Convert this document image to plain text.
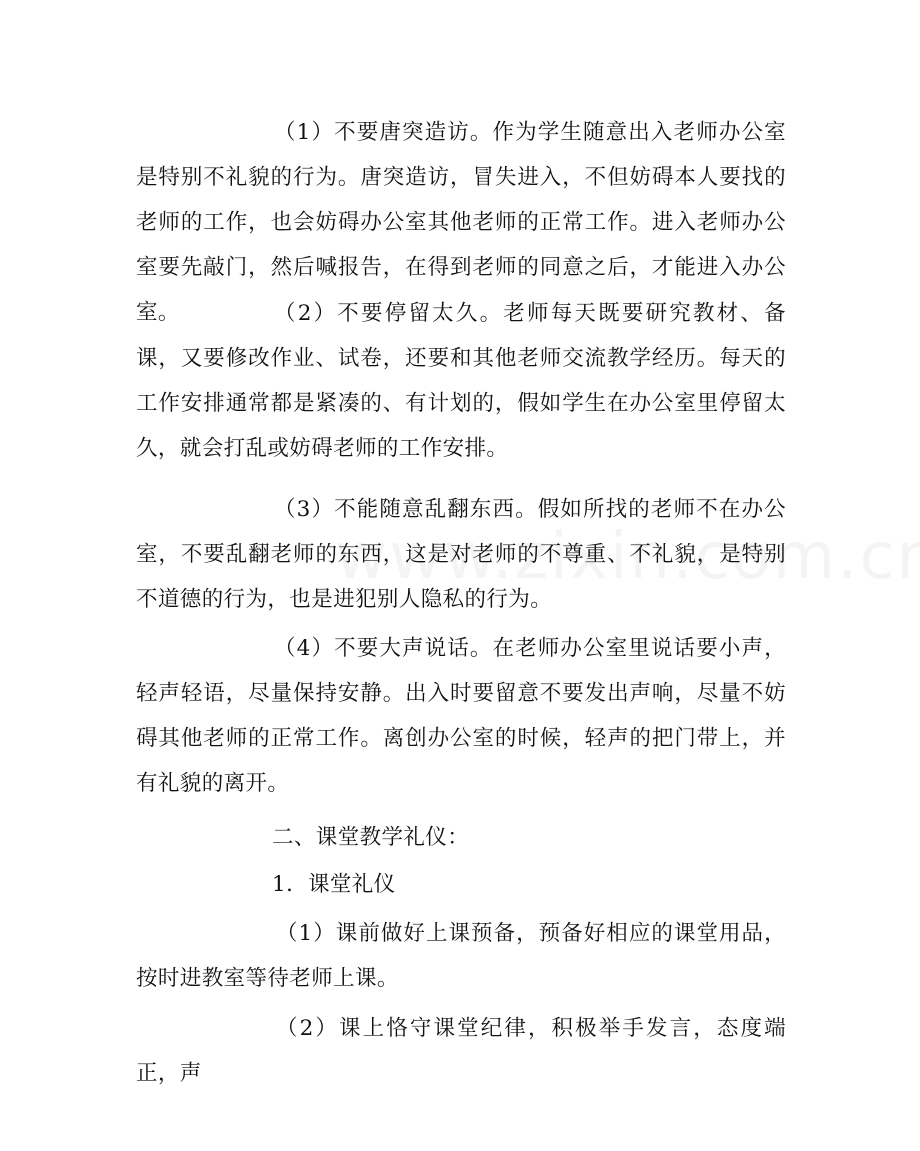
（1）不要唐突造访。作为学生随意出入老师办公室是特别不礼貌的行为。唐突造访，冒失进入，不但妨碍本人要找的老师的工作，也会妨碍办公室其他老师的正常工作。进入老师办公室要先敲门，然后喊报告，在得到老师的同意之后，才能进入办公室。	（2）不要停留太久。老师每天既要研究教材、备课，又要修改作业、试卷，还要和其他老师交流教学经历。每天的工作安排通常都是紧凑的、有计划的，假如学生在办公室里停留太久，就会打乱或妨碍老师的工作安排。

（3）不能随意乱翻东西。假如所找的老师不在办公室，不要乱翻老师的东西，这是对老师的不尊重、不礼貌，是特别不道德的行为，也是进犯别人隐私的行为。

（4）不要大声说话。在老师办公室里说话要小声，轻声轻语，尽量保持安静。出入时要留意不要发出声响，尽量不妨碍其他老师的正常工作。离创办公室的时候，轻声的把门带上，并有礼貌的离开。

二、课堂教学礼仪：
1．课堂礼仪

（1）课前做好上课预备，预备好相应的课堂用品，按时进教室等待老师上课。

（2）课上恪守课堂纪律，积极举手发言，态度端正，声
